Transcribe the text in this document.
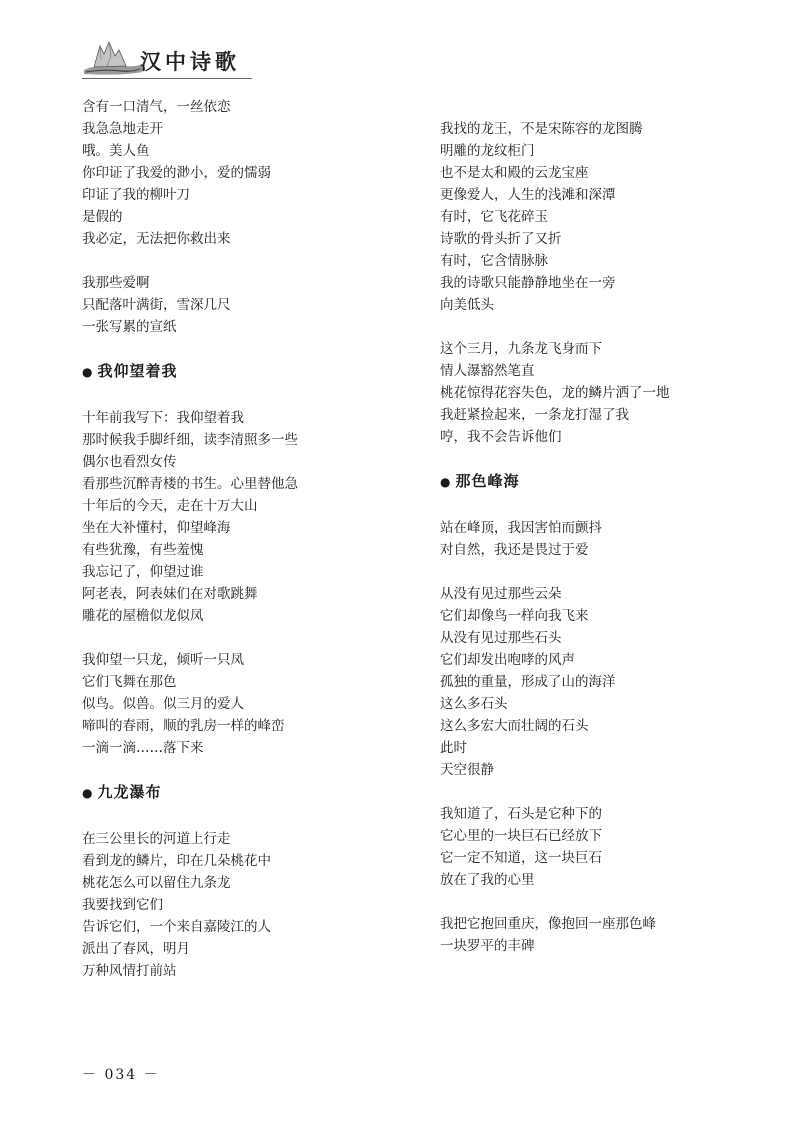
汉中诗歌
含有一口清气，一丝依恋
我急急地走开
哦。美人鱼
你印证了我爱的渺小，爱的懦弱
印证了我的柳叶刀
是假的
我必定，无法把你救出来
我那些爱啊
只配落叶满街，雪深几尺
一张写累的宣纸
● 我仰望着我
十年前我写下：我仰望着我
那时候我手脚纤细，读李清照多一些
偶尔也看烈女传
看那些沉醉青楼的书生。心里替他急
十年后的今天，走在十万大山
坐在大补懂村，仰望峰海
有些犹豫，有些羞愧
我忘记了，仰望过谁
阿老表，阿表妹们在对歌跳舞
雕花的屋檐似龙似凤
我仰望一只龙，倾听一只凤
它们飞舞在那色
似鸟。似兽。似三月的爱人
啼叫的春雨，顺的乳房一样的峰峦
一滴一滴……落下来
● 九龙瀑布
在三公里长的河道上行走
看到龙的鳞片，印在几朵桃花中
桃花怎么可以留住九条龙
我要找到它们
告诉它们，一个来自嘉陵江的人
派出了春风，明月
万种风情打前站
我找的龙王，不是宋陈容的龙图腾
明雕的龙纹柜门
也不是太和殿的云龙宝座
更像爱人，人生的浅滩和深潭
有时，它飞花碎玉
诗歌的骨头折了又折
有时，它含情脉脉
我的诗歌只能静静地坐在一旁
向美低头
这个三月，九条龙飞身而下
情人瀑豁然笔直
桃花惊得花容失色，龙的鳞片洒了一地
我赶紧捡起来，一条龙打湿了我
哼，我不会告诉他们
● 那色峰海
站在峰顶，我因害怕而颤抖
对自然，我还是畏过于爱
从没有见过那些云朵
它们却像鸟一样向我飞来
从没有见过那些石头
它们却发出咆哮的风声
孤独的重量，形成了山的海洋
这么多石头
这么多宏大而壮阔的石头
此时
天空很静
我知道了，石头是它种下的
它心里的一块巨石已经放下
它一定不知道，这一块巨石
放在了我的心里
我把它抱回重庆，像抱回一座那色峰
一块罗平的丰碑
－ 034 －
